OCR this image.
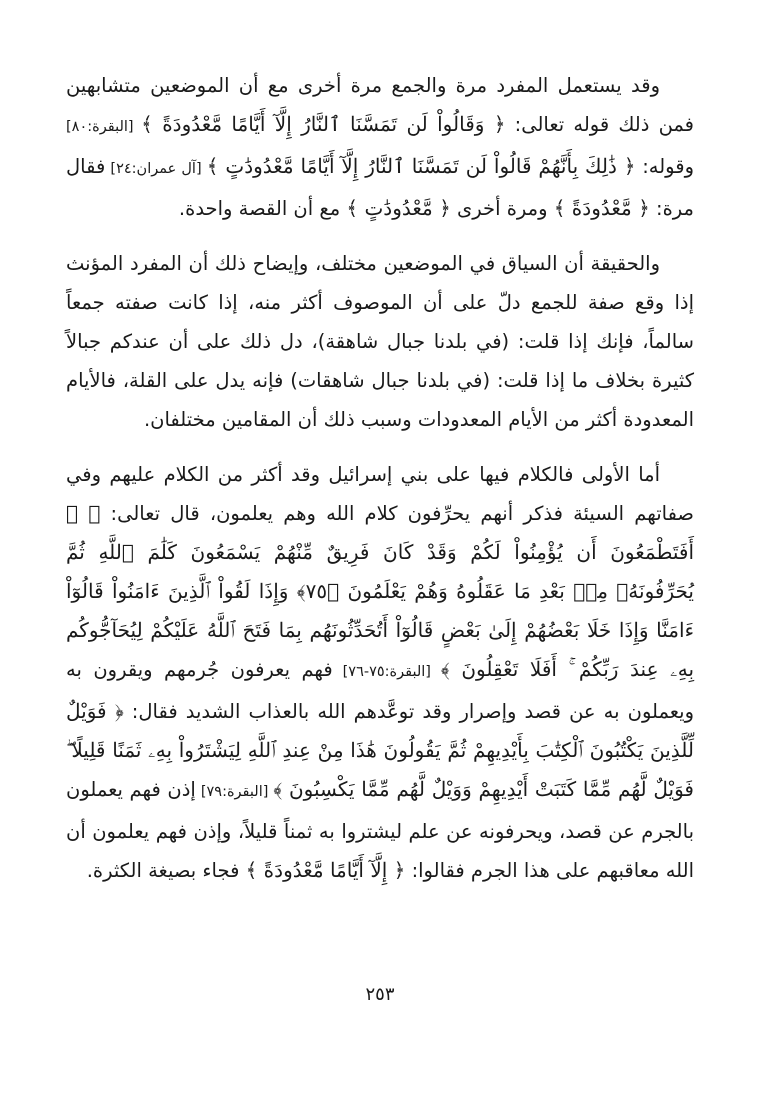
وقد يستعمل المفرد مرة والجمع مرة أخرى مع أن الموضعين متشابهين فمن ذلك قوله تعالى: ﴿ وَقَالُواْ لَن تَمَسَّنَا ٱلنَّارُ إِلَّآ أَيَّامًا مَّعْدُودَةً ﴾ [البقرة:٨٠] وقوله: ﴿ ذَٰلِكَ بِأَنَّهُمْ قَالُواْ لَن تَمَسَّنَا ٱلنَّارُ إِلَّآ أَيَّامًا مَّعْدُودَٰتٍ ﴾ [آل عمران:٢٤] فقال مرة: ﴿ مَّعْدُودَةً ﴾ ومرة أخرى ﴿ مَّعْدُودَٰتٍ ﴾ مع أن القصة واحدة.

والحقيقة أن السياق في الموضعين مختلف، وإيضاح ذلك أن المفرد المؤنث إذا وقع صفة للجمع دلّ على أن الموصوف أكثر منه، إذا كانت صفته جمعاً سالماً، فإنك إذا قلت: (في بلدنا جبال شاهقة)، دل ذلك على أن عندكم جبالاً كثيرة بخلاف ما إذا قلت: (في بلدنا جبال شاهقات) فإنه يدل على القلة، فالأيام المعدودة أكثر من الأيام المعدودات وسبب ذلك أن المقامين مختلفان.

أما الأولى فالكلام فيها على بني إسرائيل وقد أكثر من الكلام عليهم وفي صفاتهم السيئة فذكر أنهم يحرِّفون كلام الله وهم يعلمون، قال تعالى: ﴿ ۞ أَفَتَطْمَعُونَ أَن يُؤْمِنُواْ لَكُمْ وَقَدْ كَانَ فَرِيقٌ مِّنْهُمْ يَسْمَعُونَ كَلَٰمَ ٱللَّهِ ثُمَّ يُحَرِّفُونَهُۥ مِنۢ بَعْدِ مَا عَقَلُوهُ وَهُمْ يَعْلَمُونَ ﴿٧٥﴾ وَإِذَا لَقُواْ ٱلَّذِينَ ءَامَنُواْ قَالُوٓاْ ءَامَنَّا وَإِذَا خَلَا بَعْضُهُمْ إِلَىٰ بَعْضٍ قَالُوٓاْ أَتُحَدِّثُونَهُم بِمَا فَتَحَ ٱللَّهُ عَلَيْكُمْ لِيُحَآجُّوكُم بِهِۦ عِندَ رَبِّكُمْ ۚ أَفَلَا تَعْقِلُونَ ﴾ [البقرة:٧٥-٧٦] فهم يعرفون جُرمهم ويقرون به ويعملون به عن قصد وإصرار وقد توعَّدهم الله بالعذاب الشديد فقال: ﴿ فَوَيْلٌ لِّلَّذِينَ يَكْتُبُونَ ٱلْكِتَٰبَ بِأَيْدِيهِمْ ثُمَّ يَقُولُونَ هَٰذَا مِنْ عِندِ ٱللَّهِ لِيَشْتَرُواْ بِهِۦ ثَمَنًا قَلِيلًا ۖ فَوَيْلٌ لَّهُم مِّمَّا كَتَبَتْ أَيْدِيهِمْ وَوَيْلٌ لَّهُم مِّمَّا يَكْسِبُونَ ﴾ [البقرة:٧٩] إذن فهم يعملون بالجرم عن قصد، ويحرفونه عن علم ليشتروا به ثمناً قليلاً، وإذن فهم يعلمون أن الله معاقبهم على هذا الجرم فقالوا: ﴿ إِلَّآ أَيَّامًا مَّعْدُودَةً ﴾ فجاء بصيغة الكثرة.

٢٥٣
